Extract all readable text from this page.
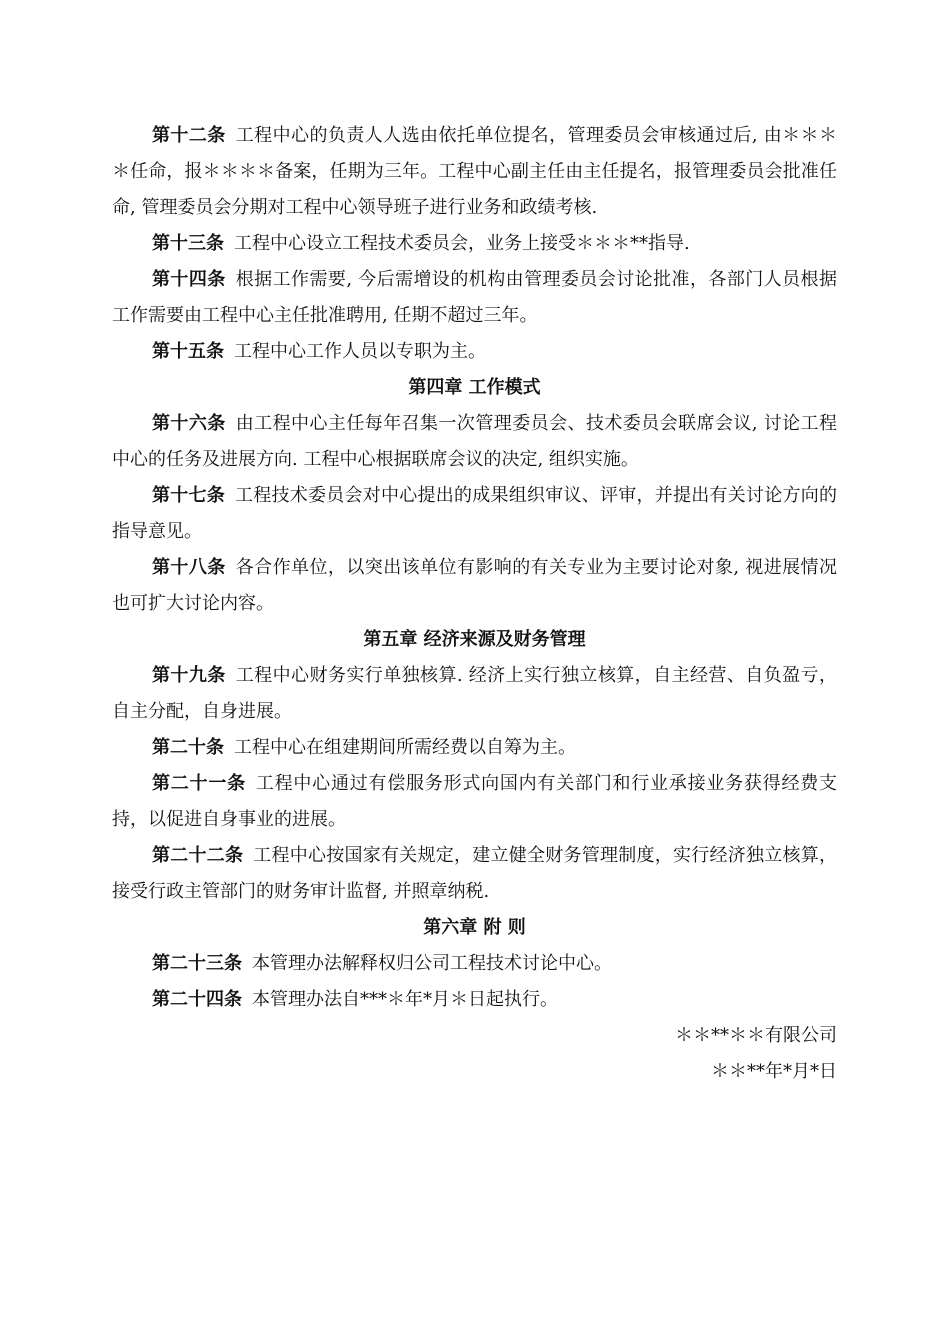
第十二条 工程中心的负责人人选由依托单位提名，管理委员会审核通过后, 由＊＊＊＊任命，报＊＊＊＊备案，任期为三年。工程中心副主任由主任提名，报管理委员会批准任命, 管理委员会分期对工程中心领导班子进行业务和政绩考核.

第十三条 工程中心设立工程技术委员会，业务上接受＊＊＊**指导.

第十四条 根据工作需要, 今后需增设的机构由管理委员会讨论批准，各部门人员根据工作需要由工程中心主任批准聘用, 任期不超过三年。

第十五条 工程中心工作人员以专职为主。

第四章 工作模式

第十六条 由工程中心主任每年召集一次管理委员会、技术委员会联席会议, 讨论工程中心的任务及进展方向. 工程中心根据联席会议的决定, 组织实施。

第十七条 工程技术委员会对中心提出的成果组织审议、评审，并提出有关讨论方向的指导意见。

第十八条 各合作单位，以突出该单位有影响的有关专业为主要讨论对象, 视进展情况也可扩大讨论内容。

第五章 经济来源及财务管理

第十九条 工程中心财务实行单独核算. 经济上实行独立核算，自主经营、自负盈亏，自主分配，自身进展。

第二十条 工程中心在组建期间所需经费以自筹为主。

第二十一条 工程中心通过有偿服务形式向国内有关部门和行业承接业务获得经费支持，以促进自身事业的进展。

第二十二条 工程中心按国家有关规定，建立健全财务管理制度，实行经济独立核算，接受行政主管部门的财务审计监督, 并照章纳税.

第六章 附 则

第二十三条 本管理办法解释权归公司工程技术讨论中心。

第二十四条 本管理办法自***＊年*月＊日起执行。

＊＊**＊＊有限公司

＊＊**年*月*日
